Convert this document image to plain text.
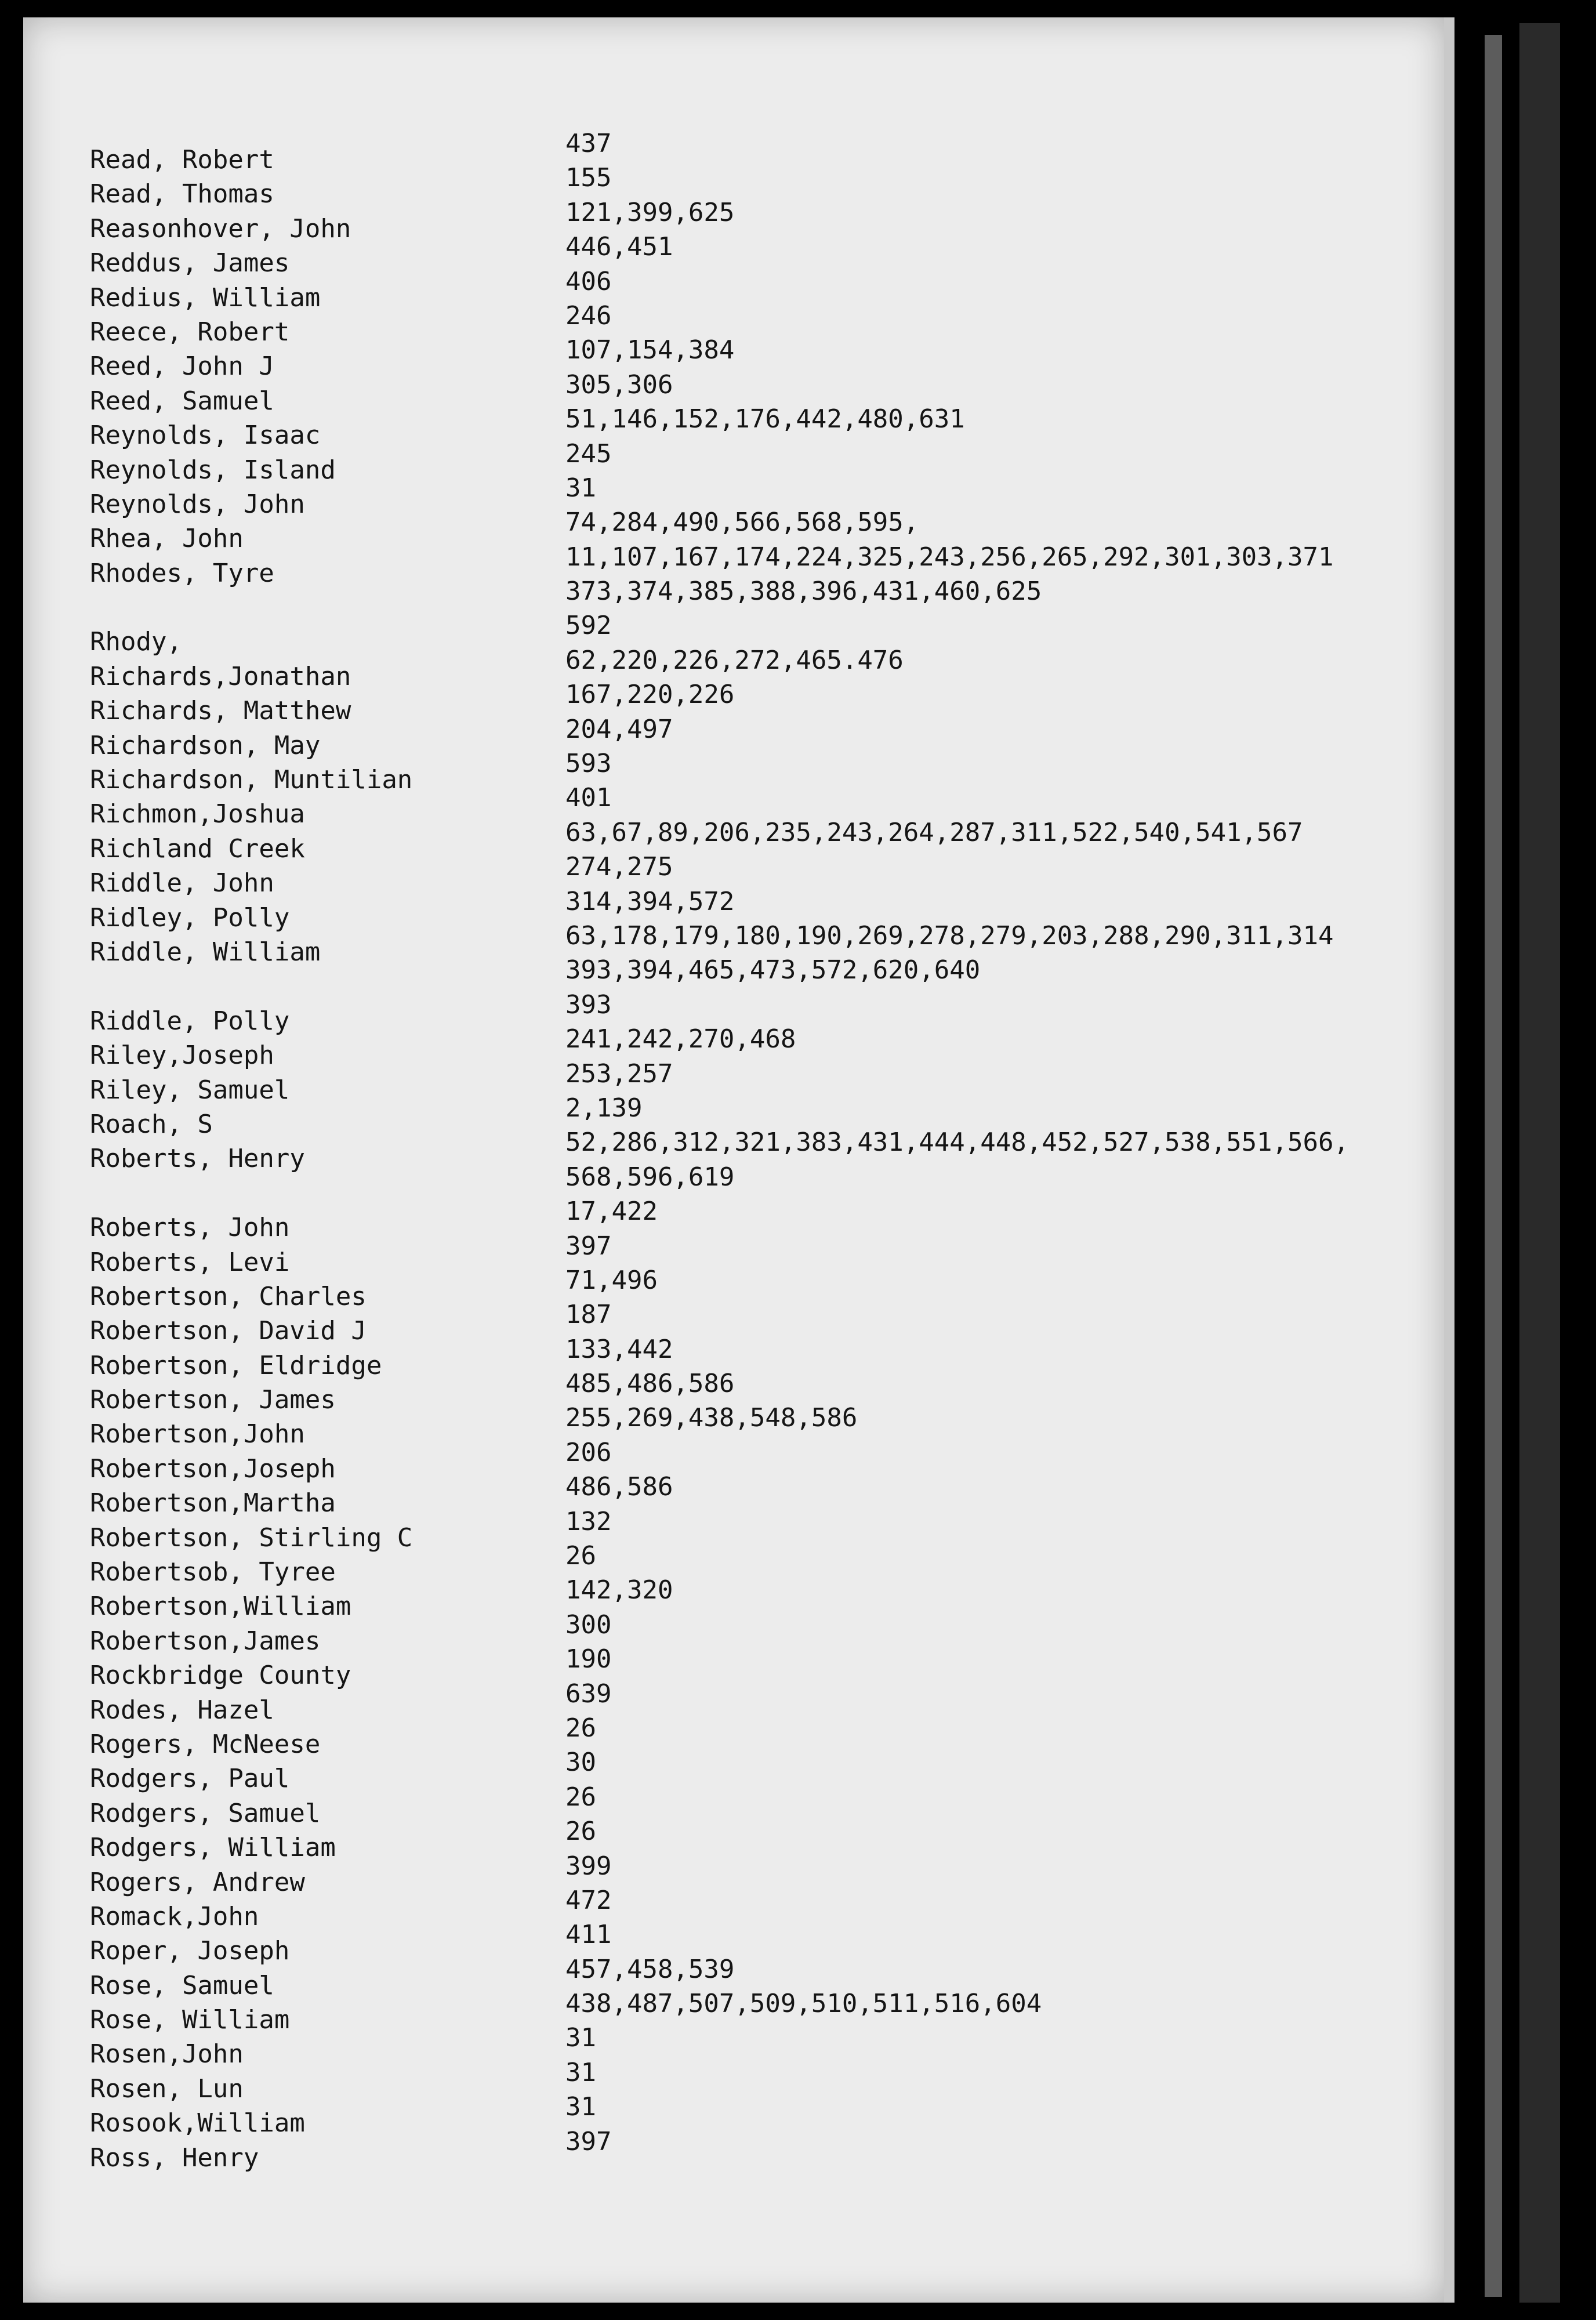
Read, Robert
437
Read, Thomas
155
Reasonhover, John
121,399,625
Reddus, James
446,451
Redius, William
406
Reece, Robert
246
Reed, John J
107,154,384
Reed, Samuel
305,306
Reynolds, Isaac
51,146,152,176,442,480,631
Reynolds, Island
245
Reynolds, John
31
Rhea, John
74,284,490,566,568,595,
Rhodes, Tyre
11,107,167,174,224,325,243,256,265,292,301,303,371
373,374,385,388,396,431,460,625
Rhody,
592
Richards,Jonathan
62,220,226,272,465.476
Richards, Matthew
167,220,226
Richardson, May
204,497
Richardson, Muntilian
593
Richmon,Joshua
401
Richland Creek
63,67,89,206,235,243,264,287,311,522,540,541,567
Riddle, John
274,275
Ridley, Polly
314,394,572
Riddle, William
63,178,179,180,190,269,278,279,203,288,290,311,314
393,394,465,473,572,620,640
Riddle, Polly
393
Riley,Joseph
241,242,270,468
Riley, Samuel
253,257
Roach, S
2,139
Roberts, Henry
52,286,312,321,383,431,444,448,452,527,538,551,566,
568,596,619
Roberts, John
17,422
Roberts, Levi
397
Robertson, Charles
71,496
Robertson, David J
187
Robertson, Eldridge
133,442
Robertson, James
485,486,586
Robertson,John
255,269,438,548,586
Robertson,Joseph
206
Robertson,Martha
486,586
Robertson, Stirling C
132
Robertsob, Tyree
26
Robertson,William
142,320
Robertson,James
300
Rockbridge County
190
Rodes, Hazel
639
Rogers, McNeese
26
Rodgers, Paul
30
Rodgers, Samuel
26
Rodgers, William
26
Rogers, Andrew
399
Romack,John
472
Roper, Joseph
411
Rose, Samuel
457,458,539
Rose, William
438,487,507,509,510,511,516,604
Rosen,John
31
Rosen, Lun
31
Rosook,William
31
Ross, Henry
397
